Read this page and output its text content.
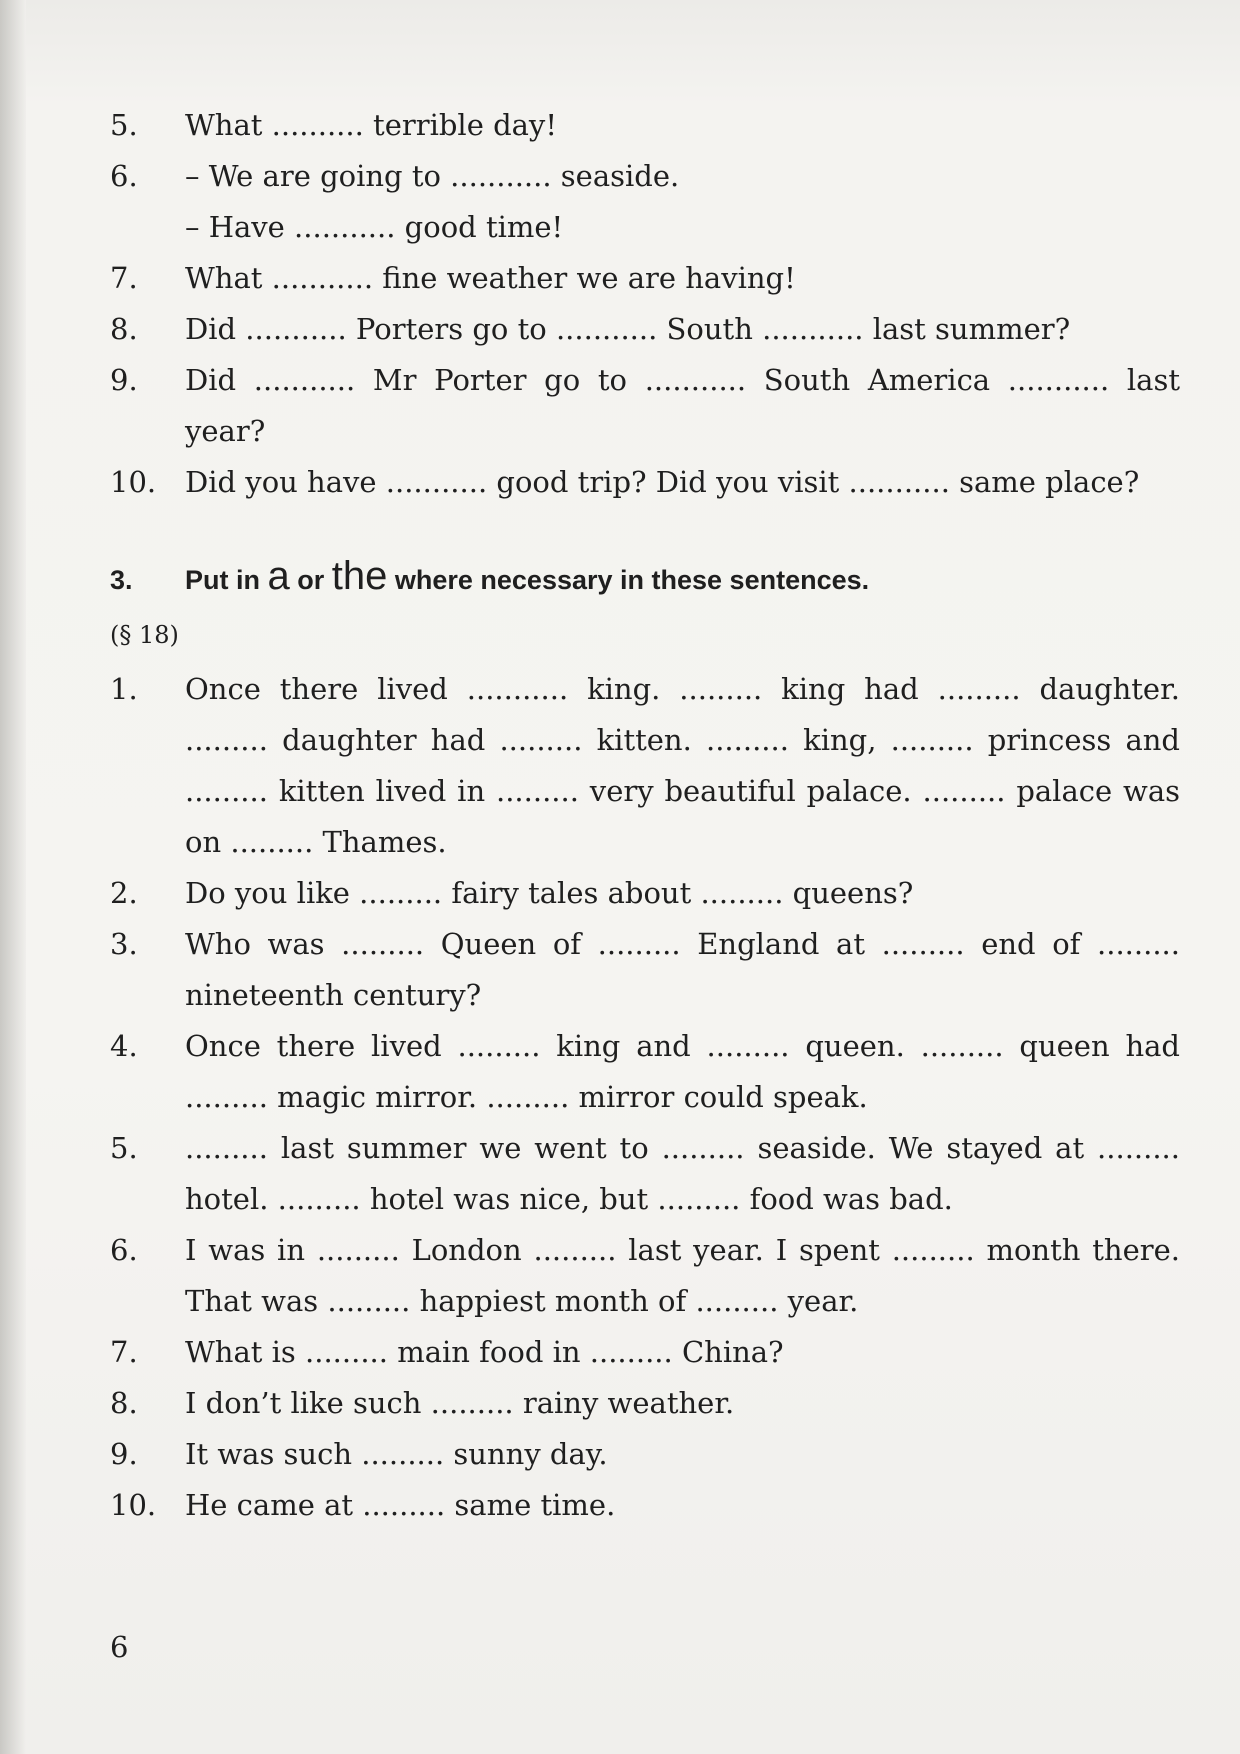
5.	What .......... terrible day!
6.	– We are going to ........... seaside.
– Have ........... good time!
7.	What ........... fine weather we are having!
8.	Did ........... Porters go to ........... South ........... last summer?
9.	Did ........... Mr Porter go to ........... South America ........... last year?
10. Did you have ........... good trip? Did you visit ........... same place?
3.	Put in a or the where necessary in these sentences.
(§ 18)
1.	Once there lived ........... king. ......... king had ......... daughter. ......... daughter had ......... kitten. ......... king, ......... princess and ......... kitten lived in ......... very beautiful palace. ......... palace was on ......... Thames.
2.	Do you like ......... fairy tales about ......... queens?
3.	Who was ......... Queen of ......... England at ......... end of ......... nineteenth century?
4.	Once there lived ......... king and ......... queen. ......... queen had ......... magic mirror. ......... mirror could speak.
5.	......... last summer we went to ......... seaside. We stayed at ......... hotel. ......... hotel was nice, but ......... food was bad.
6.	I was in ......... London ......... last year. I spent ......... month there. That was ......... happiest month of ......... year.
7.	What is ......... main food in ......... China?
8.	I don’t like such ......... rainy weather.
9.	It was such ......... sunny day.
10. He came at ......... same time.
6
